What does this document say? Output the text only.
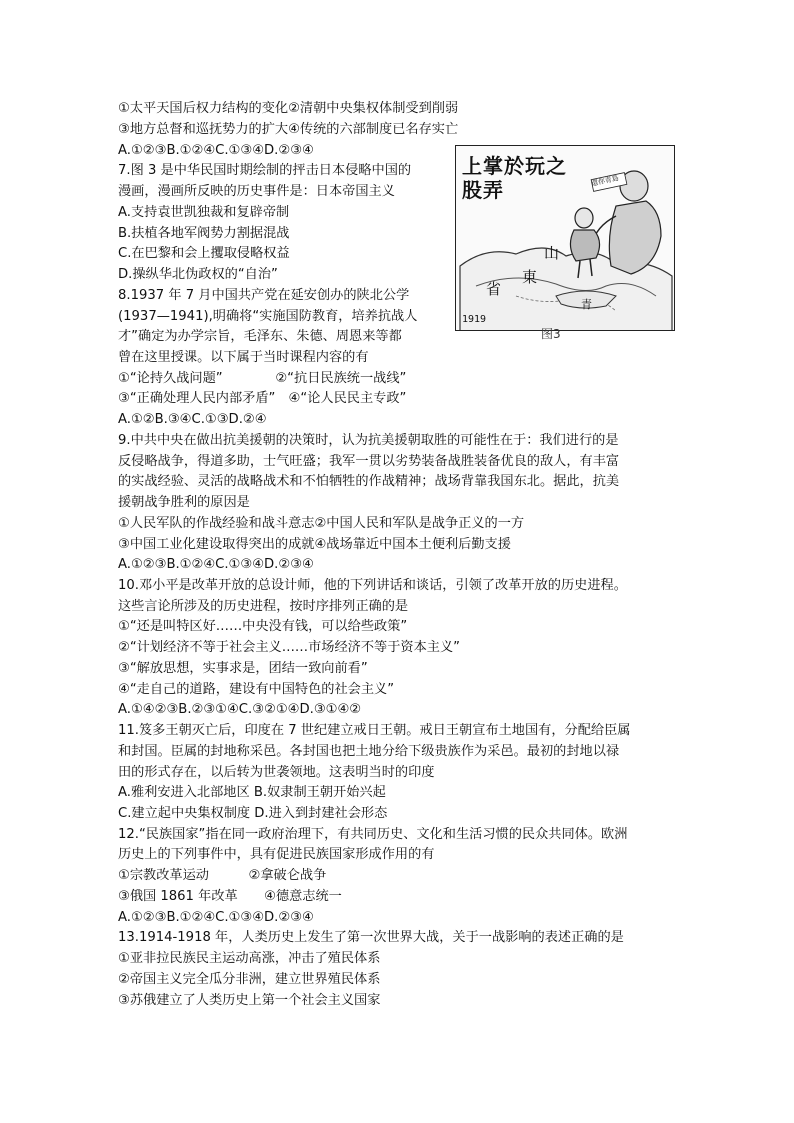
①太平天国后权力结构的变化②清朝中央集权体制受到削弱
③地方总督和巡抚势力的扩大④传统的六部制度已名存实亡
A.①②③B.①②④C.①③④D.②③④
7.图 3 是中华民国时期绘制的抨击日本侵略中国的
漫画，漫画所反映的历史事件是：日本帝国主义
A.支持袁世凯独裁和复辟帝制
B.扶植各地军阀势力割据混战
C.在巴黎和会上攫取侵略权益
D.操纵华北伪政权的“自治”
8.1937 年 7 月中国共产党在延安创办的陕北公学
(1937—1941),明确将“实施国防教育，培养抗战人
才”确定为办学宗旨，毛泽东、朱德、周恩来等都
曾在这里授课。以下属于当时课程内容的有
①“论持久战问题”　　　　②“抗日民族统一战线”
③“正确处理人民内部矛盾”　④“论人民民主专政”
A.①②B.③④C.①③D.②④
9.中共中央在做出抗美援朝的决策时，认为抗美援朝取胜的可能性在于：我们进行的是
反侵略战争，得道多助，士气旺盛；我军一贯以劣势装备战胜装备优良的敌人，有丰富
的实战经验、灵活的战略战术和不怕牺牲的作战精神；战场背靠我国东北。据此，抗美
援朝战争胜利的原因是
①人民军队的作战经验和战斗意志②中国人民和军队是战争正义的一方
③中国工业化建设取得突出的成就④战场靠近中国本土便利后勤支援
A.①②③B.①②④C.①③④D.②③④
10.邓小平是改革开放的总设计师，他的下列讲话和谈话，引领了改革开放的历史进程。
这些言论所涉及的历史进程，按时序排列正确的是
①“还是叫特区好……中央没有钱，可以给些政策”
②“计划经济不等于社会主义……市场经济不等于资本主义”
③“解放思想，实事求是，团结一致向前看”
④“走自己的道路，建设有中国特色的社会主义”
A.①④②③B.②③①④C.③②①④D.③①④②
11.笈多王朝灭亡后，印度在 7 世纪建立戒日王朝。戒日王朝宣布土地国有，分配给臣属
和封国。臣属的封地称采邑。各封国也把土地分给下级贵族作为采邑。最初的封地以禄
田的形式存在，以后转为世袭领地。这表明当时的印度
A.雅利安进入北部地区 B.奴隶制王朝开始兴起
C.建立起中央集权制度 D.进入到封建社会形态
12.“民族国家”指在同一政府治理下，有共同历史、文化和生活习惯的民众共同体。欧洲
历史上的下列事件中，具有促进民族国家形成作用的有
①宗教改革运动　　　②拿破仑战争
③俄国 1861 年改革　　④德意志统一
A.①②③B.①②④C.①③④D.②③④
13.1914-1918 年，人类历史上发生了第一次世界大战，关于一战影响的表述正确的是
①亚非拉民族民主运动高涨，冲击了殖民体系
②帝国主义完全瓜分非洲，建立世界殖民体系
③苏俄建立了人类历史上第一个社会主义国家
上掌於玩之股弄	還你青島
山
東
省
青
1919
图3
